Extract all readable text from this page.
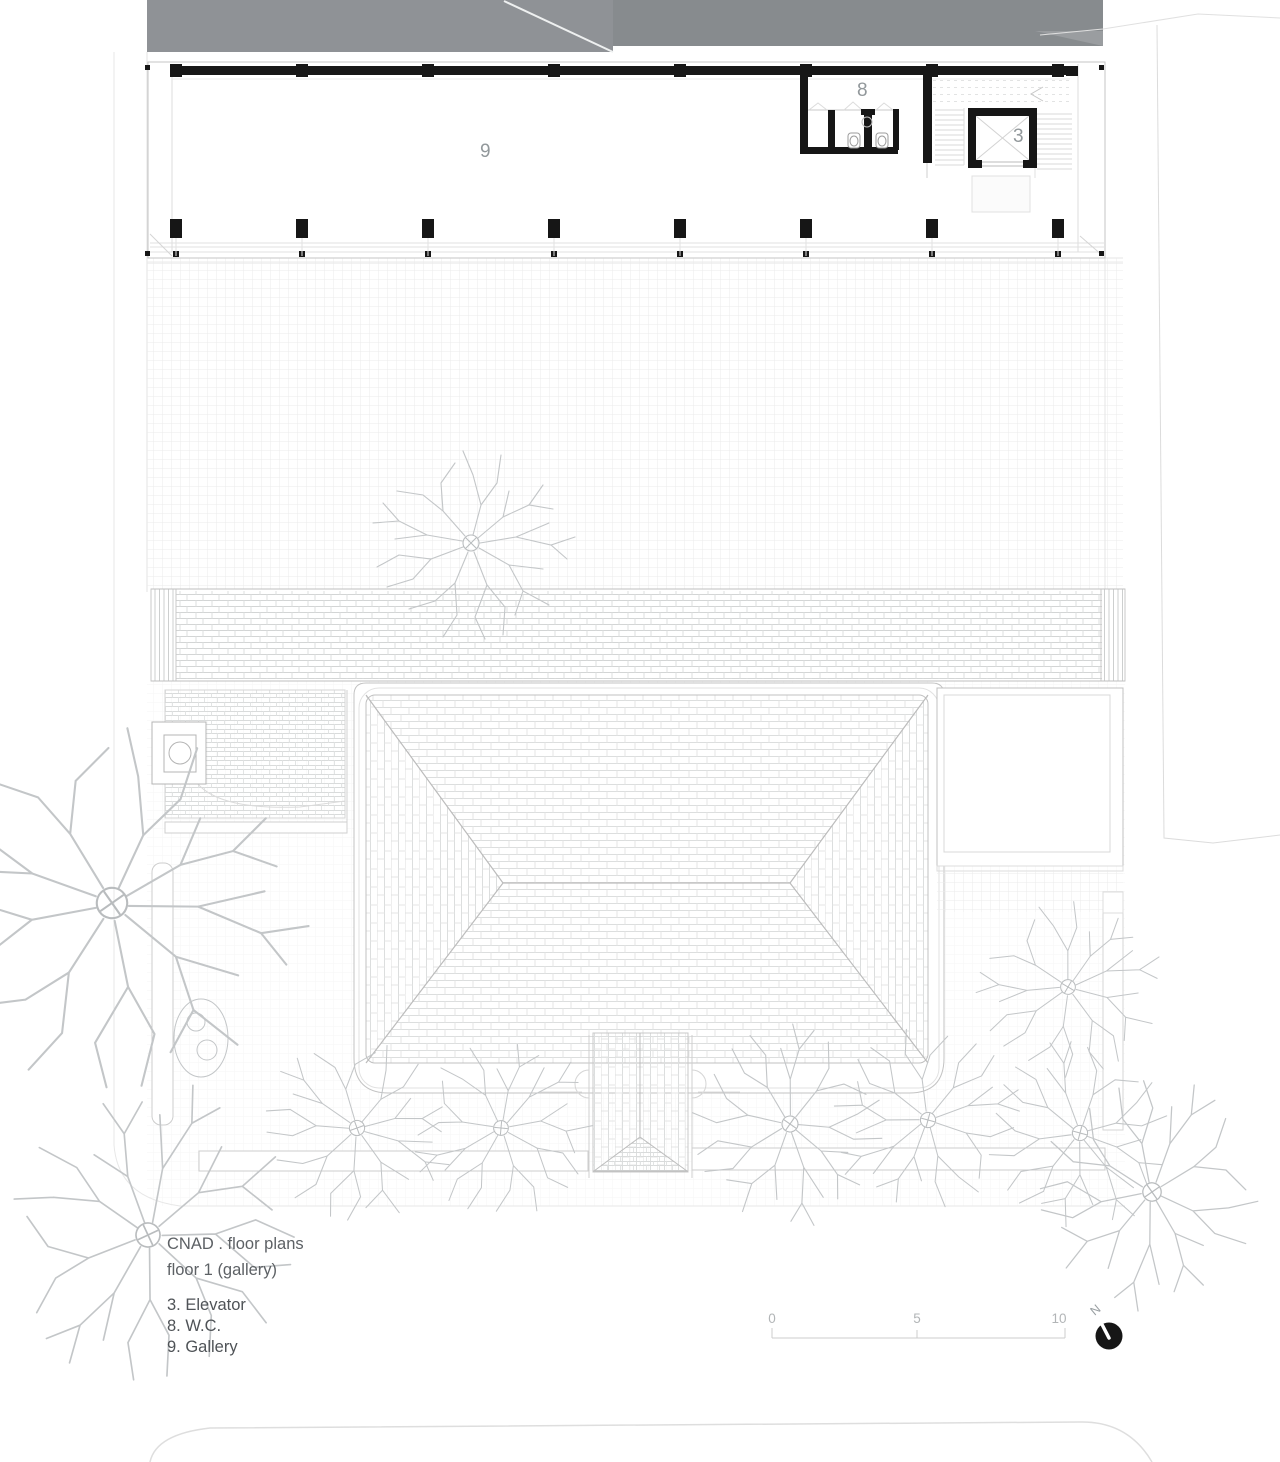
9
8
3
CNAD . floor plans
floor 1 (gallery)
3. Elevator
8. W.C.
9. Gallery
0	5	10
N
